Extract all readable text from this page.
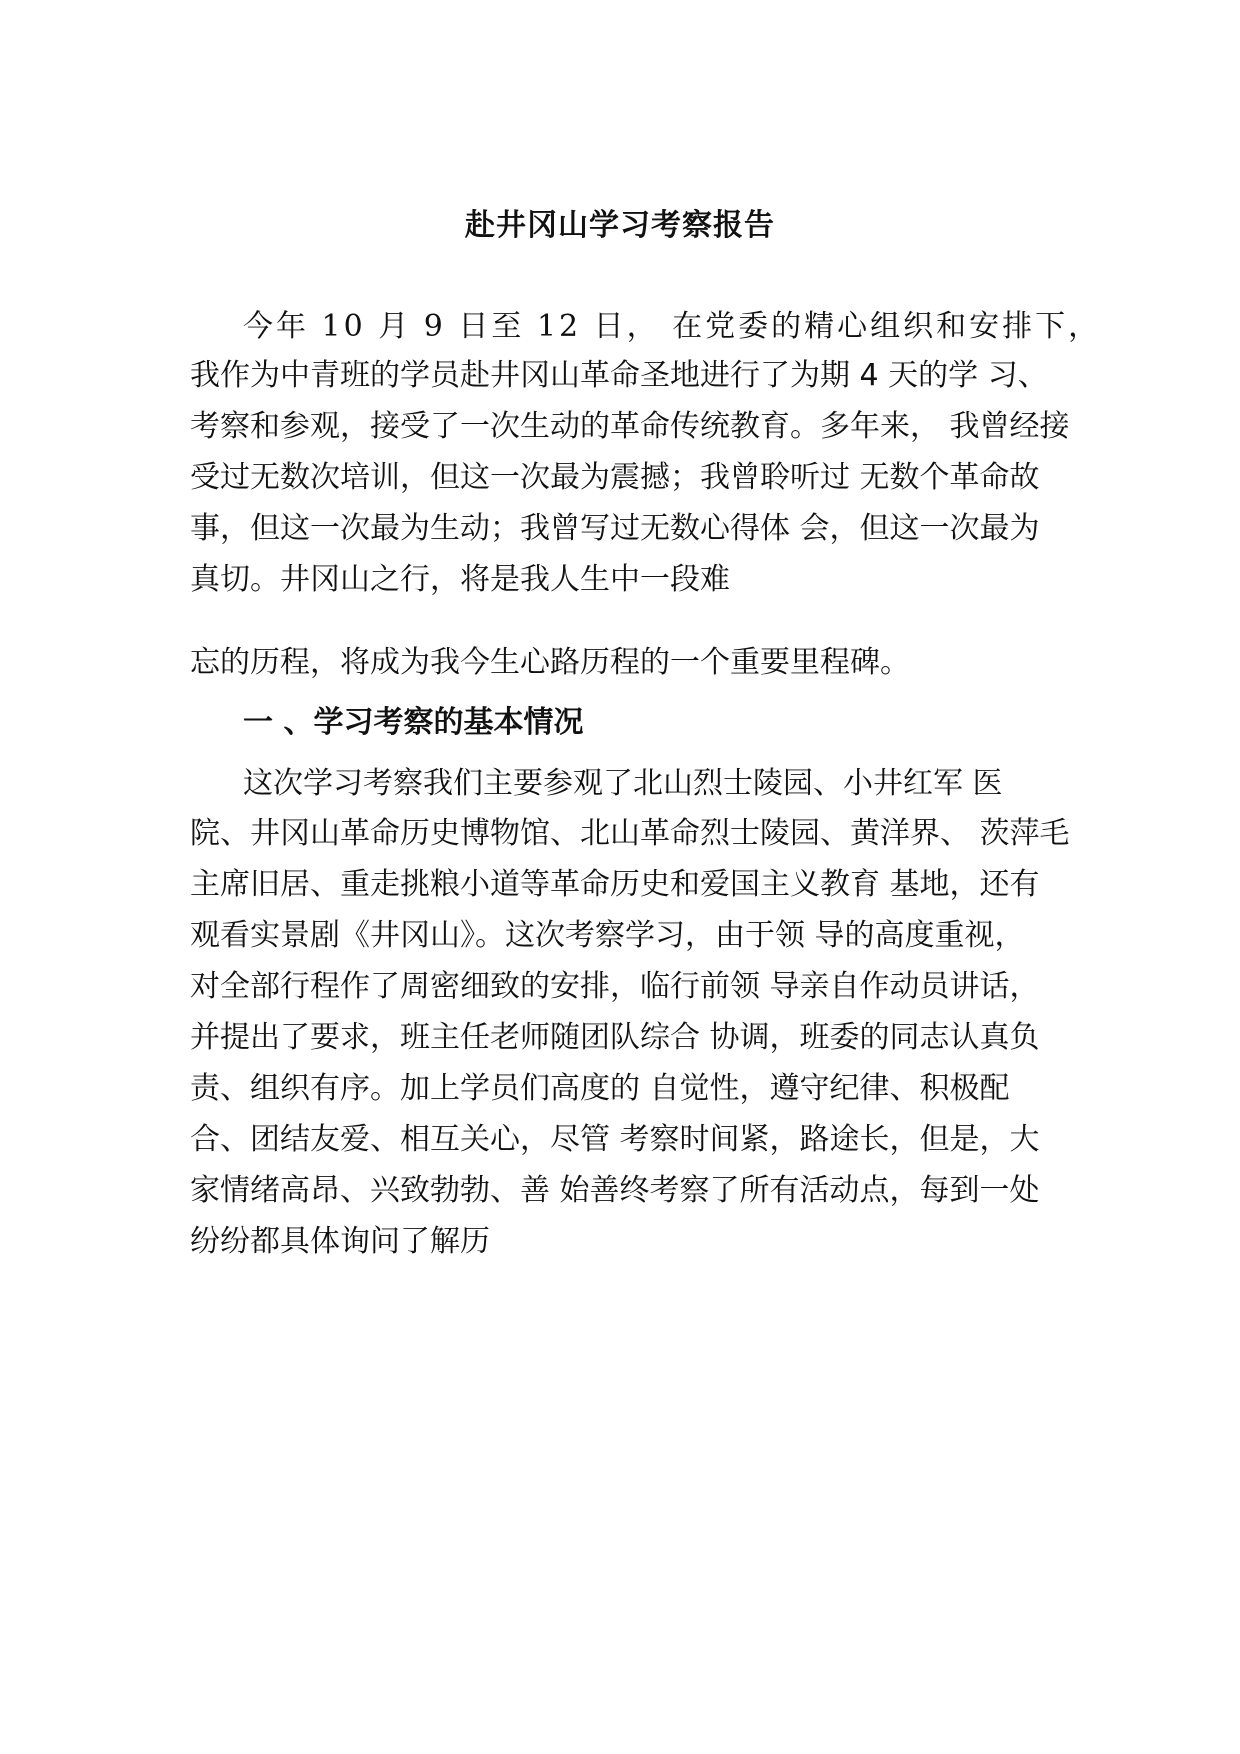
赴井冈山学习考察报告
今年 10 月 9 日至 12 日， 在党委的精心组织和安排下，
我作为中青班的学员赴井冈山革命圣地进行了为期 4 天的学 习、
考察和参观，接受了一次生动的革命传统教育。多年来， 我曾经接
受过无数次培训，但这一次最为震撼；我曾聆听过 无数个革命故
事，但这一次最为生动；我曾写过无数心得体 会，但这一次最为
真切。井冈山之行，将是我人生中一段难
忘的历程，将成为我今生心路历程的一个重要里程碑。
一 、学习考察的基本情况
这次学习考察我们主要参观了北山烈士陵园、小井红军 医
院、井冈山革命历史博物馆、北山革命烈士陵园、黄洋界、 茨萍毛
主席旧居、重走挑粮小道等革命历史和爱国主义教育 基地，还有
观看实景剧《井冈山》。这次考察学习，由于领 导的高度重视，
对全部行程作了周密细致的安排，临行前领 导亲自作动员讲话，
并提出了要求，班主任老师随团队综合 协调，班委的同志认真负
责、组织有序。加上学员们高度的 自觉性，遵守纪律、积极配
合、团结友爱、相互关心，尽管 考察时间紧，路途长，但是，大
家情绪高昂、兴致勃勃、善 始善终考察了所有活动点，每到一处
纷纷都具体询问了解历
